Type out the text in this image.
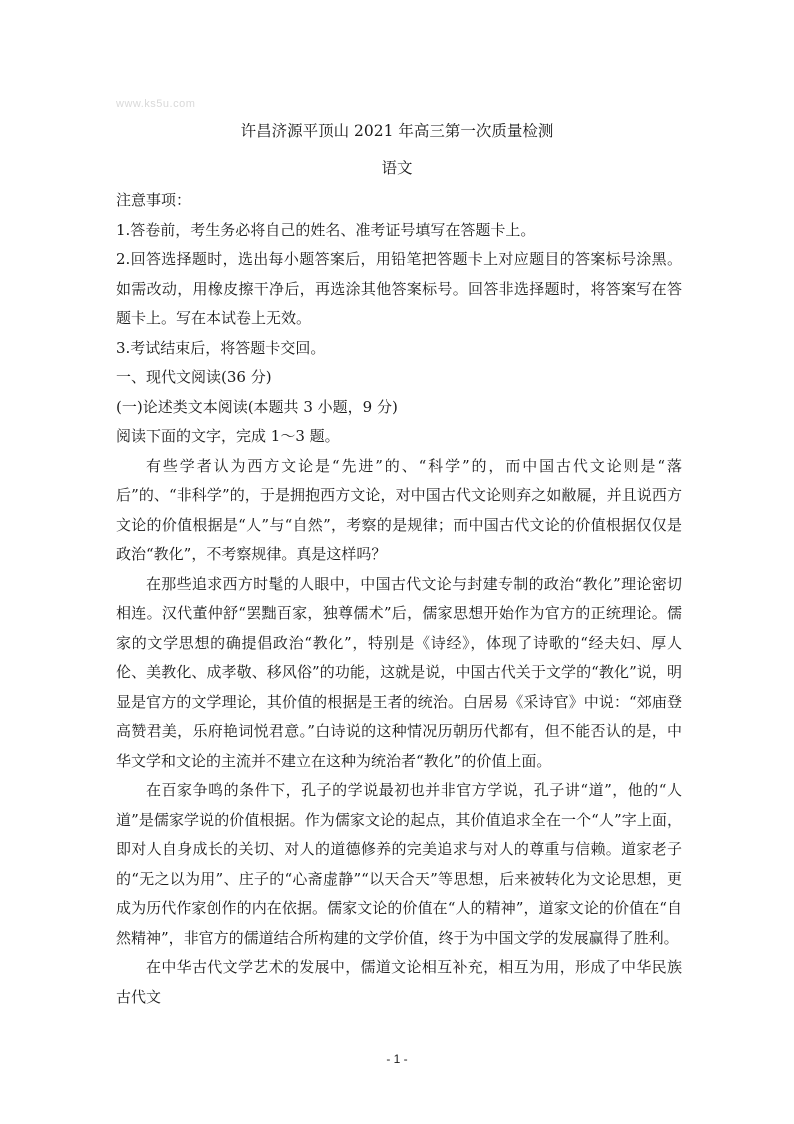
www.ks5u.com
许昌济源平顶山 2021 年高三第一次质量检测
语文

注意事项：

1.答卷前，考生务必将自己的姓名、准考证号填写在答题卡上。

2.回答选择题时，选出每小题答案后，用铅笔把答题卡上对应题目的答案标号涂黑。如需改动，用橡皮擦干净后，再选涂其他答案标号。回答非选择题时，将答案写在答题卡上。写在本试卷上无效。

3.考试结束后，将答题卡交回。

一、现代文阅读(36 分)

(一)论述类文本阅读(本题共 3 小题，9 分)

阅读下面的文字，完成 1～3 题。

有些学者认为西方文论是“先进”的、“科学”的，而中国古代文论则是“落后”的、“非科学”的，于是拥抱西方文论，对中国古代文论则弃之如敝屣，并且说西方文论的价值根据是“人”与“自然”，考察的是规律；而中国古代文论的价值根据仅仅是政治“教化”，不考察规律。真是这样吗？

在那些追求西方时髦的人眼中，中国古代文论与封建专制的政治“教化”理论密切相连。汉代董仲舒“罢黜百家，独尊儒术”后，儒家思想开始作为官方的正统理论。儒家的文学思想的确提倡政治“教化”，特别是《诗经》，体现了诗歌的“经夫妇、厚人伦、美教化、成孝敬、移风俗”的功能，这就是说，中国古代关于文学的“教化”说，明显是官方的文学理论，其价值的根据是王者的统治。白居易《采诗官》中说：“郊庙登高赞君美，乐府艳词悦君意。”白诗说的这种情况历朝历代都有，但不能否认的是，中华文学和文论的主流并不建立在这种为统治者“教化”的价值上面。

在百家争鸣的条件下，孔子的学说最初也并非官方学说，孔子讲“道”，他的“人道”是儒家学说的价值根据。作为儒家文论的起点，其价值追求全在一个“人”字上面，即对人自身成长的关切、对人的道德修养的完美追求与对人的尊重与信赖。道家老子的“无之以为用”、庄子的“心斋虚静”“以天合天”等思想，后来被转化为文论思想，更成为历代作家创作的内在依据。儒家文论的价值在“人的精神”，道家文论的价值在“自然精神”，非官方的儒道结合所构建的文学价值，终于为中国文学的发展赢得了胜利。

在中华古代文学艺术的发展中，儒道文论相互补充，相互为用，形成了中华民族古代文

- 1 -
